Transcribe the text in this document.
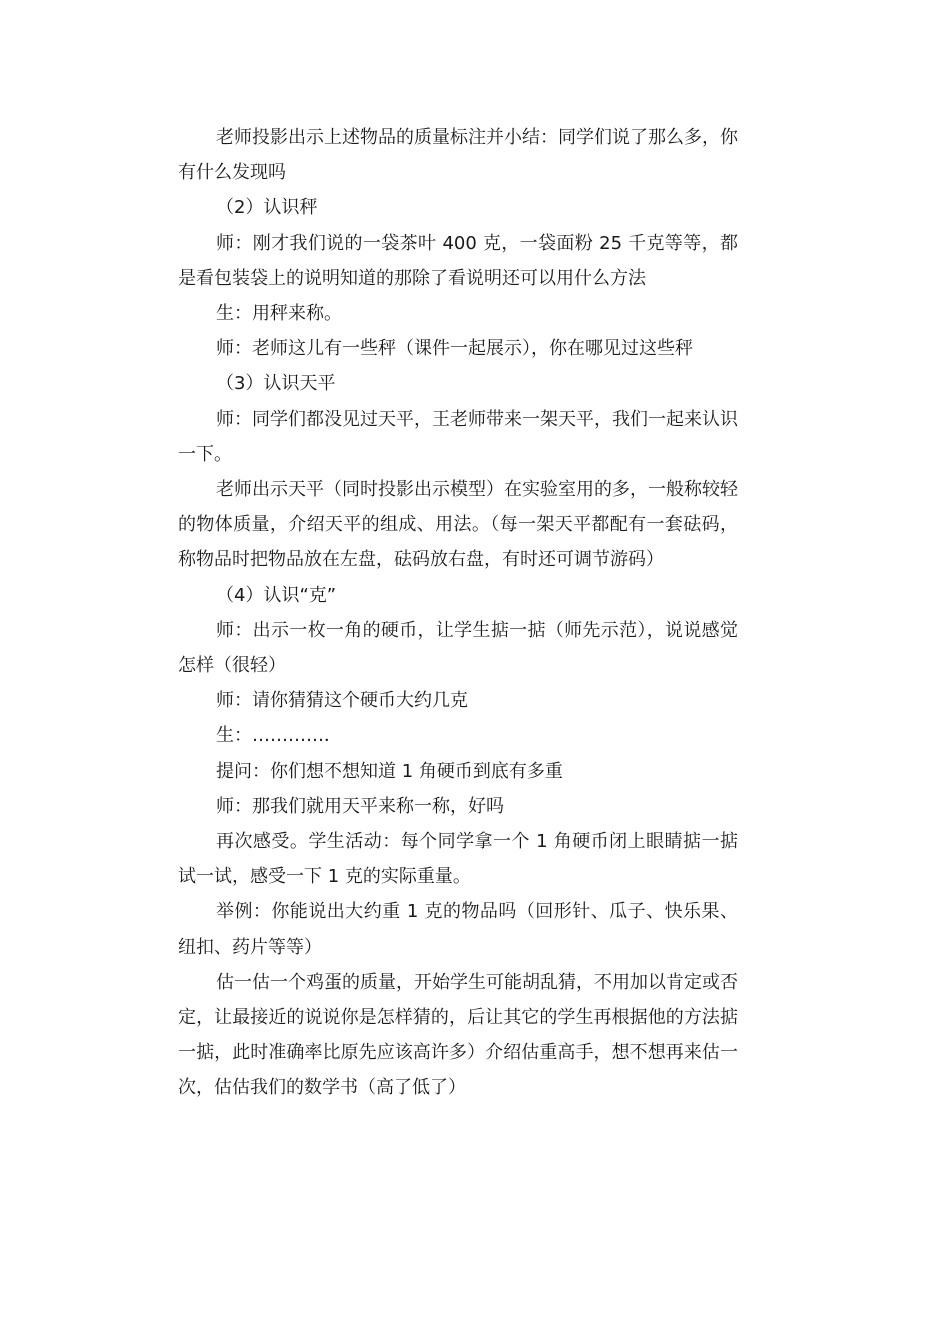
老师投影出示上述物品的质量标注并小结：同学们说了那么多，你有什么发现吗

（2）认识秤

师：刚才我们说的一袋茶叶 400 克，一袋面粉 25 千克等等，都是看包装袋上的说明知道的那除了看说明还可以用什么方法

生：用秤来称。

师：老师这儿有一些秤（课件一起展示），你在哪见过这些秤

（3）认识天平

师：同学们都没见过天平，王老师带来一架天平，我们一起来认识一下。

老师出示天平（同时投影出示模型）在实验室用的多，一般称较轻的物体质量，介绍天平的组成、用法。（每一架天平都配有一套砝码，称物品时把物品放在左盘，砝码放右盘，有时还可调节游码）

（4）认识“克”

师：出示一枚一角的硬币，让学生掂一掂（师先示范），说说感觉怎样（很轻）

师：请你猜猜这个硬币大约几克

生：…………．

提问：你们想不想知道 1 角硬币到底有多重

师：那我们就用天平来称一称，好吗

再次感受。学生活动：每个同学拿一个 1 角硬币闭上眼睛掂一掂试一试，感受一下 1 克的实际重量。

举例：你能说出大约重 1 克的物品吗（回形针、瓜子、快乐果、纽扣、药片等等）

估一估一个鸡蛋的质量，开始学生可能胡乱猜，不用加以肯定或否定，让最接近的说说你是怎样猜的，后让其它的学生再根据他的方法掂一掂，此时准确率比原先应该高许多）介绍估重高手，想不想再来估一次，估估我们的数学书（高了低了）
